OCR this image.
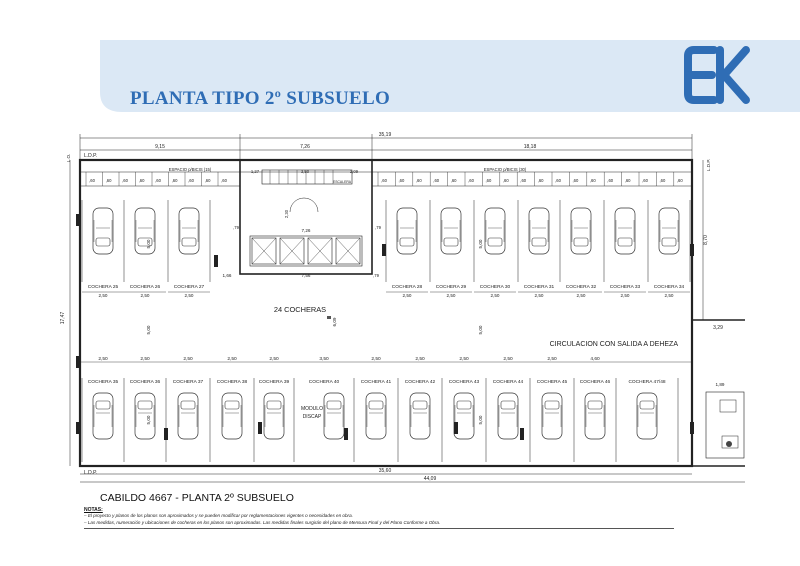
PLANTA TIPO 2º SUBSUELO
35,19
9,15	7,26	18,18
17,47
L.O.	L.D.P.
L.D.P.
L.D.P.
35,60
44,09
8,70
3,29
1,89
,60	,60	,60	,60	,60	,60	,60	,60	,60	,60	,60	,60	,60	,60	,60	,60	,60	,60	,60	,60	,60	,60	,60	,60	,60	,60	,60
ESPACIO p/BICIS (15)	ESPACIO p/BICIS (30)
ESCALERA
3,50
1,27	2,09
7,26
7,56
1,66
,79	,79
2,30
,79
COCHERA 25
2,50
COCHERA 26
2,50
COCHERA 27
2,50
COCHERA 28
2,50
COCHERA 29
2,50
COCHERA 30
2,50
COCHERA 31
2,50
COCHERA 32
2,50
COCHERA 33
2,50
COCHERA 34
2,50
24 COCHERAS
CIRCULACION CON SALIDA A DEHEZA
6,09
5,00	5,00
5,00	5,00
COCHERA 35
2,50
COCHERA 36
2,50
COCHERA 37
2,50
COCHERA 38
2,50
COCHERA 39
2,50
COCHERA 40
MODULO
DISCAP
3,50
COCHERA 41
2,50
COCHERA 42
2,50
COCHERA 43
2,50
COCHERA 44
2,50
COCHERA 45
2,50
COCHERA 46
4,60
COCHERA 47/48
5,00	5,00
CABILDO 4667 - PLANTA 2º SUBSUELO
NOTAS:
– El proyecto y planos de los planos son aproximados y se pueden modificar por reglamentaciones vigentes o necesidades en obra.
– Las medidas, numeración y ubicaciones de cocheras en los planos son aproximadas. Las medidas finales surgirán del plano de Mensura Final y del Plano Conforme a Obra.
